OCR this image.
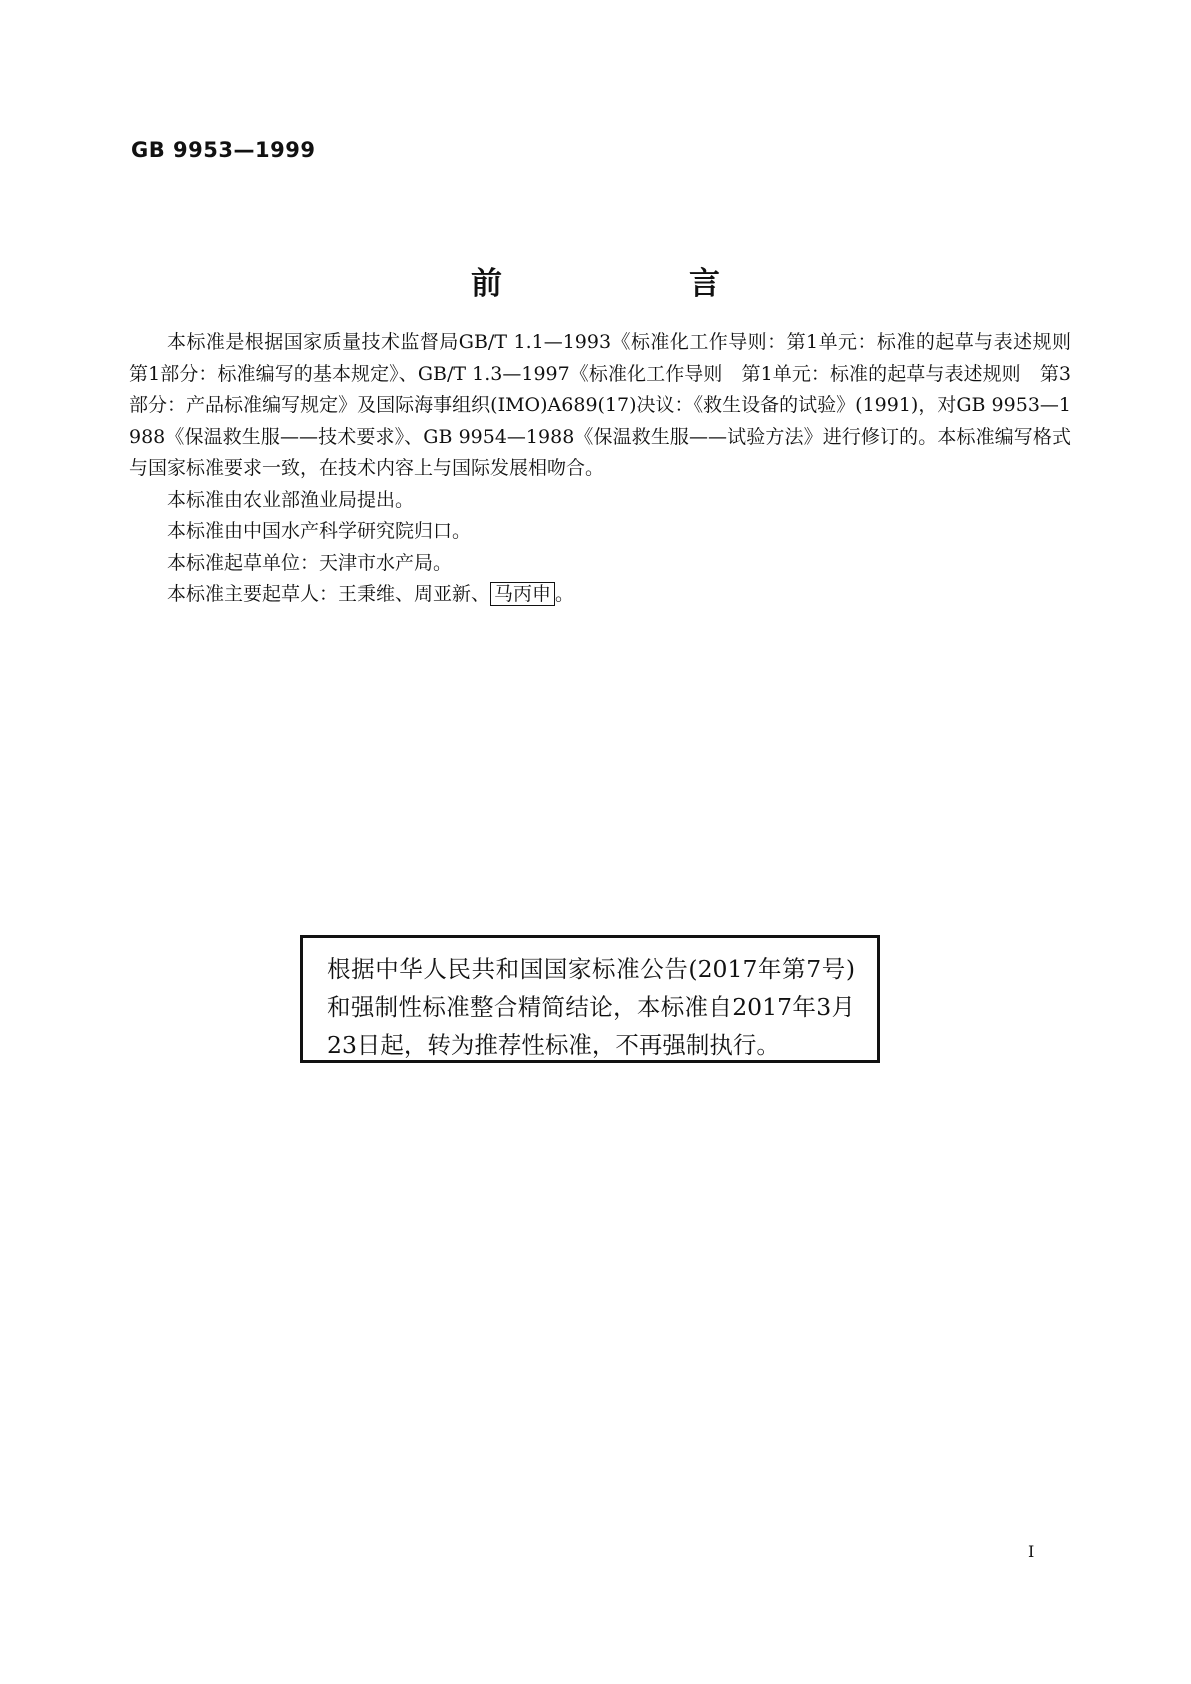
GB 9953—1999
前　言

本标准是根据国家质量技术监督局GB/T 1.1—1993《标准化工作导则：第1单元：标准的起草与表述规则　第1部分：标准编写的基本规定》、GB/T 1.3—1997《标准化工作导则　第1单元：标准的起草与表述规则　第3部分：产品标准编写规定》及国际海事组织(IMO)A689(17)决议：《救生设备的试验》(1991)，对GB 9953—1988《保温救生服——技术要求》、GB 9954—1988《保温救生服——试验方法》进行修订的。本标准编写格式与国家标准要求一致，在技术内容上与国际发展相吻合。

本标准由农业部渔业局提出。

本标准由中国水产科学研究院归口。

本标准起草单位：天津市水产局。

本标准主要起草人：王秉维、周亚新、 马丙申 。

根据中华人民共和国国家标准公告(2017年第7号)和强制性标准整合精简结论，本标准自2017年3月23日起，转为推荐性标准，不再强制执行。
I
